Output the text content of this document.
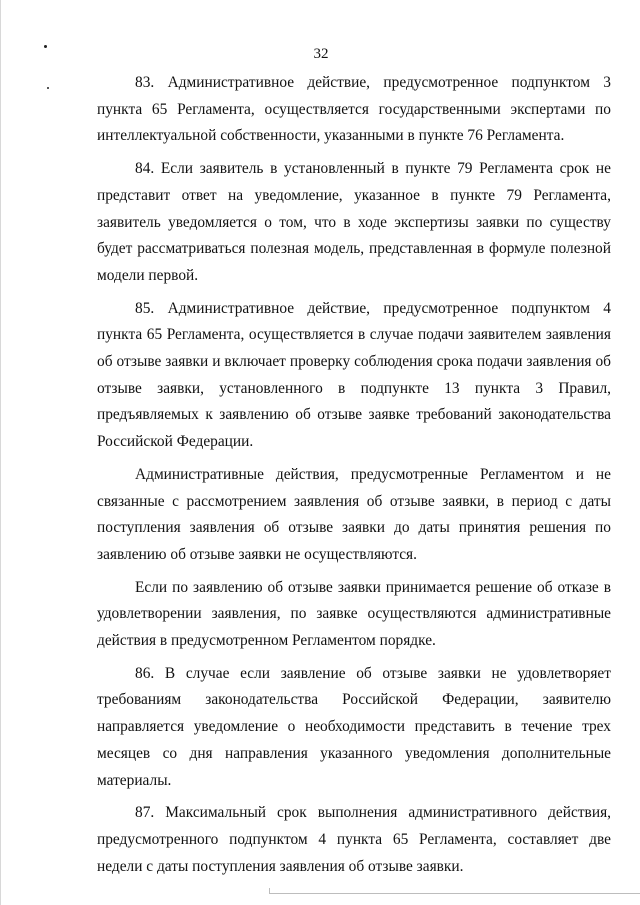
32

83. Административное действие, предусмотренное подпунктом 3 пункта 65 Регламента, осуществляется государственными экспертами по интеллектуальной собственности, указанными в пункте 76 Регламента.

84. Если заявитель в установленный в пункте 79 Регламента срок не представит ответ на уведомление, указанное в пункте 79 Регламента, заявитель уведомляется о том, что в ходе экспертизы заявки по существу будет рассматриваться полезная модель, представленная в формуле полезной модели первой.

85. Административное действие, предусмотренное подпунктом 4 пункта 65 Регламента, осуществляется в случае подачи заявителем заявления об отзыве заявки и включает проверку соблюдения срока подачи заявления об отзыве заявки, установленного в подпункте 13 пункта 3 Правил, предъявляемых к заявлению об отзыве заявке требований законодательства Российской Федерации.

Административные действия, предусмотренные Регламентом и не связанные с рассмотрением заявления об отзыве заявки, в период с даты поступления заявления об отзыве заявки до даты принятия решения по заявлению об отзыве заявки не осуществляются.

Если по заявлению об отзыве заявки принимается решение об отказе в удовлетворении заявления, по заявке осуществляются административные действия в предусмотренном Регламентом порядке.

86. В случае если заявление об отзыве заявки не удовлетворяет требованиям законодательства Российской Федерации, заявителю направляется уведомление о необходимости представить в течение трех месяцев со дня направления указанного уведомления дополнительные материалы.

87. Максимальный срок выполнения административного действия, предусмотренного подпунктом 4 пункта 65 Регламента, составляет две недели с даты поступления заявления об отзыве заявки.
